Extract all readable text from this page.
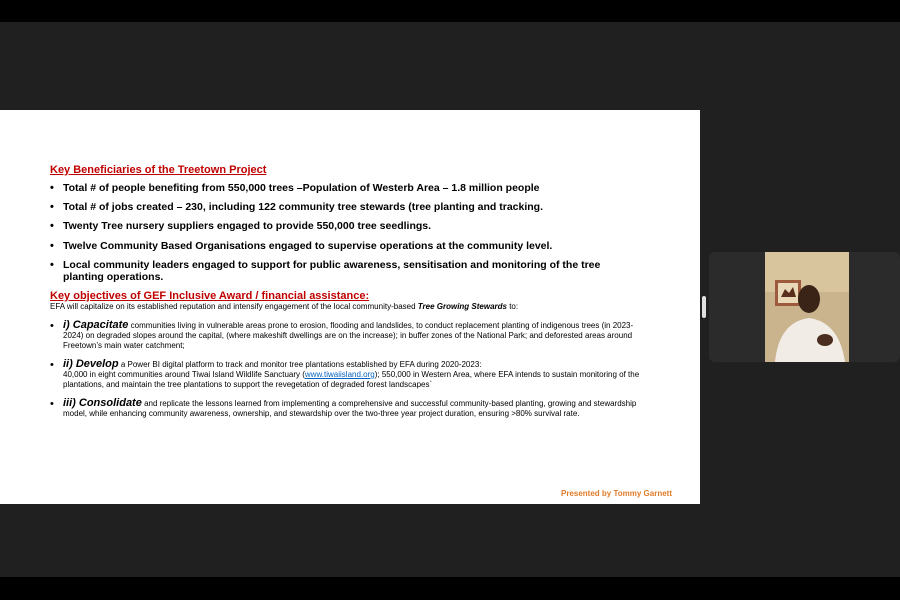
Key Beneficiaries of the Treetown Project
• Total # of people benefiting from 550,000 trees –Population of Westerb Area – 1.8 million people
• Total # of jobs created – 230, including 122 community tree stewards (tree planting and tracking.
• Twenty Tree nursery suppliers engaged to provide 550,000 tree seedlings.
• Twelve Community Based Organisations engaged to supervise operations at the community level.
• Local community leaders engaged to support for public awareness, sensitisation and monitoring of the tree planting operations.
Key objectives of GEF Inclusive Award / financial assistance:
EFA will capitalize on its established reputation and intensify engagement of the local community-based Tree Growing Stewards to:
• i) Capacitate communities living in vulnerable areas prone to erosion, flooding and landslides, to conduct replacement planting of indigenous trees (in 2023-2024) on degraded slopes around the capital, (where makeshift dwellings are on the increase); in buffer zones of the National Park; and deforested areas around Freetown’s main water catchment;
• ii) Develop a Power BI digital platform to track and monitor tree plantations established by EFA during 2020-2023:
40,000 in eight communities around Tiwai Island Wildlife Sanctuary (www.tiwaiisland.org); 550,000 in Western Area, where EFA intends to sustain monitoring of the plantations, and maintain the tree plantations to support the revegetation of degraded forest landscapes`
• iii) Consolidate and replicate the lessons learned from implementing a comprehensive and successful community-based planting, growing and stewardship model, while enhancing community awareness, ownership, and stewardship over the two-three year project duration, ensuring >80% survival rate.
Presented by Tommy Garnett
